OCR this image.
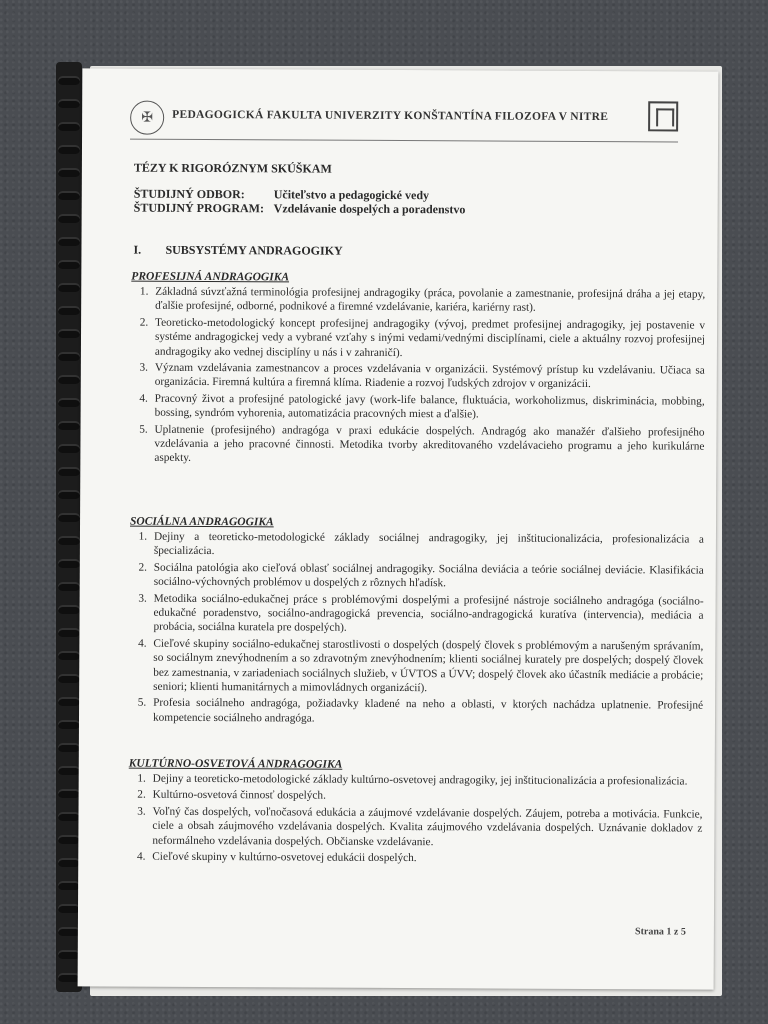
✠	PEDAGOGICKÁ FAKULTA UNIVERZITY KONŠTANTÍNA FILOZOFA V NITRE
TÉZY K RIGORÓZNYM SKÚŠKAM
ŠTUDIJNÝ ODBOR: Učiteľstvo a pedagogické vedy
ŠTUDIJNÝ PROGRAM: Vzdelávanie dospelých a poradenstvo
I. SUBSYSTÉMY ANDRAGOGIKY
PROFESIJNÁ ANDRAGOGIKA
1. Základná súvzťažná terminológia profesijnej andragogiky (práca, povolanie a zamestnanie, profesijná dráha a jej etapy, ďalšie profesijné, odborné, podnikové a firemné vzdelávanie, kariéra, kariérny rast).
2. Teoreticko-metodologický koncept profesijnej andragogiky (vývoj, predmet profesijnej andragogiky, jej postavenie v systéme andragogickej vedy a vybrané vzťahy s inými vedami/vednými disciplínami, ciele a aktuálny rozvoj profesijnej andragogiky ako vednej disciplíny u nás i v zahraničí).
3. Význam vzdelávania zamestnancov a proces vzdelávania v organizácii. Systémový prístup ku vzdelávaniu. Učiaca sa organizácia. Firemná kultúra a firemná klíma. Riadenie a rozvoj ľudských zdrojov v organizácii.
4. Pracovný život a profesijné patologické javy (work-life balance, fluktuácia, workoholizmus, diskriminácia, mobbing, bossing, syndróm vyhorenia, automatizácia pracovných miest a ďalšie).
5. Uplatnenie (profesijného) andragóga v praxi edukácie dospelých. Andragóg ako manažér ďalšieho profesijného vzdelávania a jeho pracovné činnosti. Metodika tvorby akreditovaného vzdelávacieho programu a jeho kurikulárne aspekty.
SOCIÁLNA ANDRAGOGIKA
1. Dejiny a teoreticko-metodologické základy sociálnej andragogiky, jej inštitucionalizácia, profesionalizácia a špecializácia.
2. Sociálna patológia ako cieľová oblasť sociálnej andragogiky. Sociálna deviácia a teórie sociálnej deviácie. Klasifikácia sociálno-výchovných problémov u dospelých z rôznych hľadísk.
3. Metodika sociálno-edukačnej práce s problémovými dospelými a profesijné nástroje sociálneho andragóga (sociálno-edukačné poradenstvo, sociálno-andragogická prevencia, sociálno-andragogická kuratíva (intervencia), mediácia a probácia, sociálna kuratela pre dospelých).
4. Cieľové skupiny sociálno-edukačnej starostlivosti o dospelých (dospelý človek s problémovým a narušeným správaním, so sociálnym znevýhodnením a so zdravotným znevýhodnením; klienti sociálnej kurately pre dospelých; dospelý človek bez zamestnania, v zariadeniach sociálnych služieb, v ÚVTOS a ÚVV; dospelý človek ako účastník mediácie a probácie; seniori; klienti humanitárnych a mimovládnych organizácií).
5. Profesia sociálneho andragóga, požiadavky kladené na neho a oblasti, v ktorých nachádza uplatnenie. Profesijné kompetencie sociálneho andragóga.
KULTÚRNO-OSVETOVÁ ANDRAGOGIKA
1. Dejiny a teoreticko-metodologické základy kultúrno-osvetovej andragogiky, jej inštitucionalizácia a profesionalizácia.
2. Kultúrno-osvetová činnosť dospelých.
3. Voľný čas dospelých, voľnočasová edukácia a záujmové vzdelávanie dospelých. Záujem, potreba a motivácia. Funkcie, ciele a obsah záujmového vzdelávania dospelých. Kvalita záujmového vzdelávania dospelých. Uznávanie dokladov z neformálneho vzdelávania dospelých. Občianske vzdelávanie.
4. Cieľové skupiny v kultúrno-osvetovej edukácii dospelých.
Strana 1 z 5
